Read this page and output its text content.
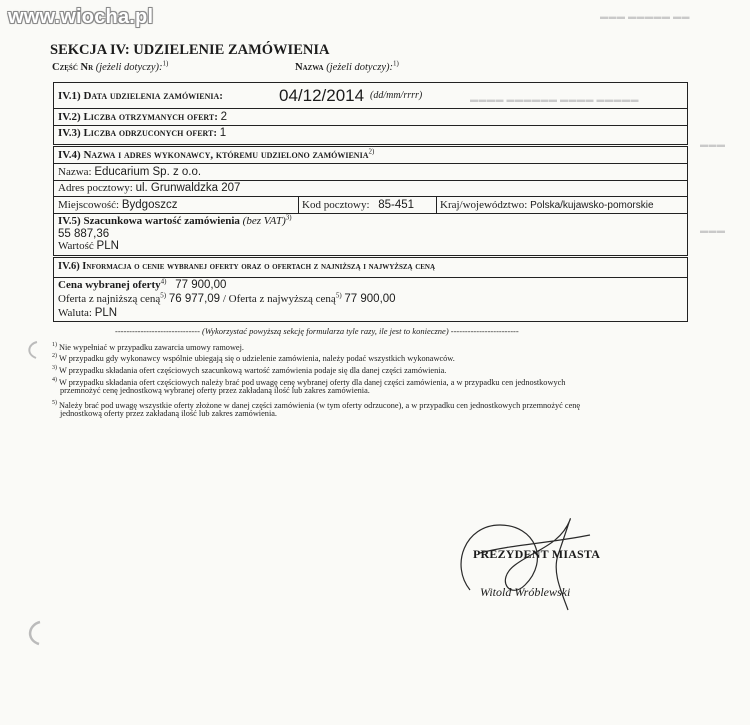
www.wiocha.pl	▬▬▬ ▬▬▬▬▬ ▬▬
▬▬▬▬ ▬▬▬▬▬▬ ▬▬▬▬ ▬▬▬▬▬
▬▬▬
▬▬▬
SEKCJA IV: UDZIELENIE ZAMÓWIENIA
Część Nr (jeżeli dotyczy):$^{1)}$	Nazwa (jeżeli dotyczy):$^{1)}$
IV.1) Data udzielenia zamówienia:	04/12/2014 (dd/mm/rrrr)
IV.2) Liczba otrzymanych ofert: 2
IV.3) Liczba odrzuconych ofert: 1
IV.4) Nazwa i adres wykonawcy, któremu udzielono zamówienia$^{2)}$
Nazwa: Educarium Sp. z o.o.
Adres pocztowy: ul. Grunwaldzka 207
Miejscowość: Bydgoszcz	Kod pocztowy: 85-451 Kraj/województwo: Polska/kujawsko-pomorskie
IV.5) Szacunkowa wartość zamówienia (bez VAT)$^{3)}$
55 887,36
Wartość PLN
IV.6) Informacja o cenie wybranej oferty oraz o ofertach z najniższą i najwyższą ceną
Cena wybranej oferty$^{4)}$ 77 900,00
Oferta z najniższą ceną$^{5)}$ 76 977,09 / Oferta z najwyższą ceną$^{5)}$ 77 900,00
Waluta: PLN
------------------------------ (Wykorzystać powyższą sekcję formularza tyle razy, ile jest to konieczne) ------------------------
$^{1)}$ Nie wypełniać w przypadku zawarcia umowy ramowej.
$^{2)}$ W przypadku gdy wykonawcy wspólnie ubiegają się o udzielenie zamówienia, należy podać wszystkich wykonawców.
$^{3)}$ W przypadku składania ofert częściowych szacunkową wartość zamówienia podaje się dla danej części zamówienia.
$^{4)}$ W przypadku składania ofert częściowych należy brać pod uwagę cenę wybranej oferty dla danej części zamówienia, a w przypadku cen jednostkowych
przemnożyć cenę jednostkową wybranej oferty przez zakładaną ilość lub zakres zamówienia.
$^{5)}$ Należy brać pod uwagę wszystkie oferty złożone w danej części zamówienia (w tym oferty odrzucone), a w przypadku cen jednostkowych przemnożyć cenę
jednostkową oferty przez zakładaną ilość lub zakres zamówienia.
PREZYDENT MIASTA
Witold Wróblewski
